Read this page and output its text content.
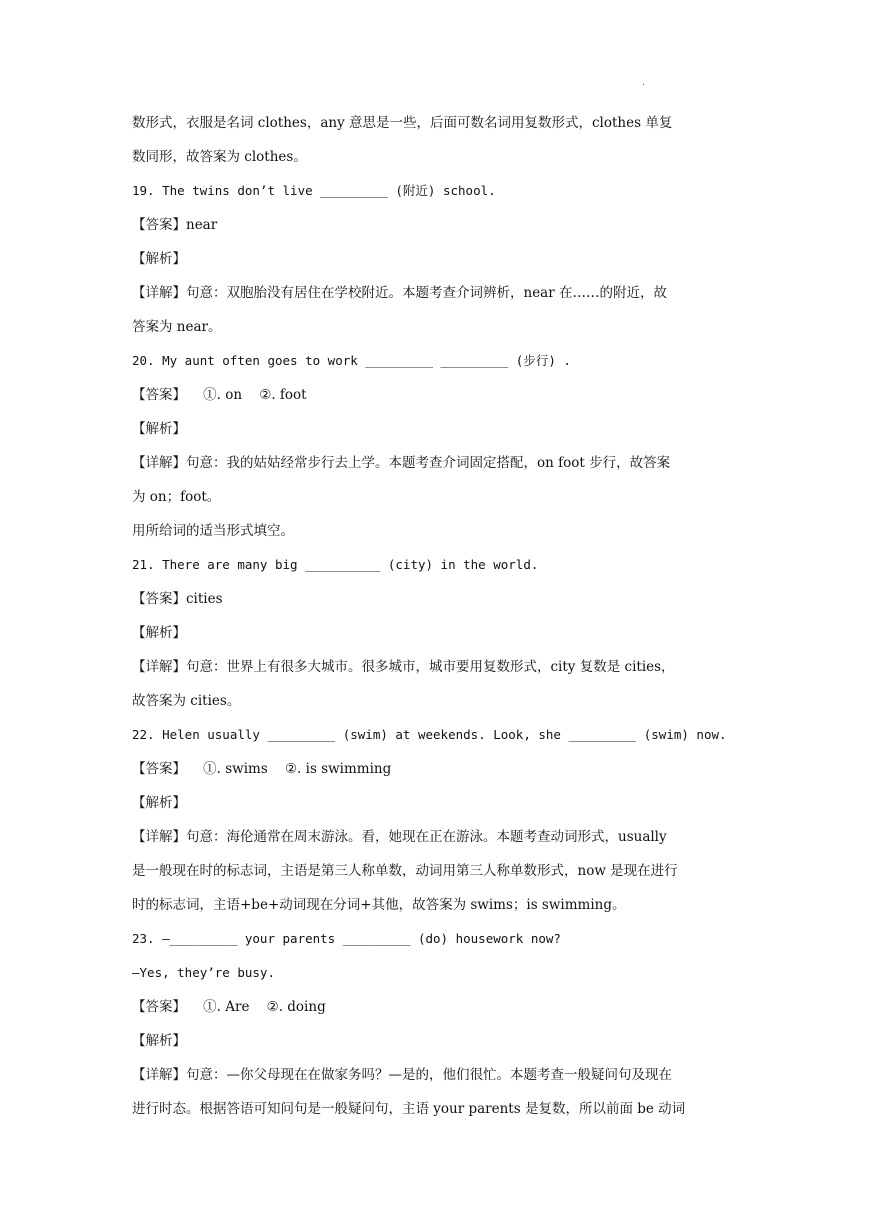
·
数形式，衣服是名词 clothes，any 意思是一些，后面可数名词用复数形式，clothes 单复
数同形，故答案为 clothes。
19. The twins don’t live _________ (附近) school.
【答案】near
【解析】
【详解】句意：双胞胎没有居住在学校附近。本题考查介词辨析，near 在……的附近，故
答案为 near。
20. My aunt often goes to work _________ _________ (步行) .
【答案】    ①. on    ②. foot
【解析】
【详解】句意：我的姑姑经常步行去上学。本题考查介词固定搭配，on foot 步行，故答案
为 on；foot。
用所给词的适当形式填空。
21. There are many big __________ (city) in the world.
【答案】cities
【解析】
【详解】句意：世界上有很多大城市。很多城市，城市要用复数形式，city 复数是 cities，
故答案为 cities。
22. Helen usually _________ (swim) at weekends. Look, she _________ (swim) now.
【答案】    ①. swims    ②. is swimming
【解析】
【详解】句意：海伦通常在周末游泳。看，她现在正在游泳。本题考查动词形式，usually
是一般现在时的标志词，主语是第三人称单数，动词用第三人称单数形式，now 是现在进行
时的标志词，主语+be+动词现在分词+其他，故答案为 swims；is swimming。
23. —_________ your parents _________ (do) housework now?
—Yes, they’re busy.
【答案】    ①. Are    ②. doing
【解析】
【详解】句意：—你父母现在在做家务吗？—是的，他们很忙。本题考查一般疑问句及现在
进行时态。根据答语可知问句是一般疑问句，主语 your parents 是复数，所以前面 be 动词
